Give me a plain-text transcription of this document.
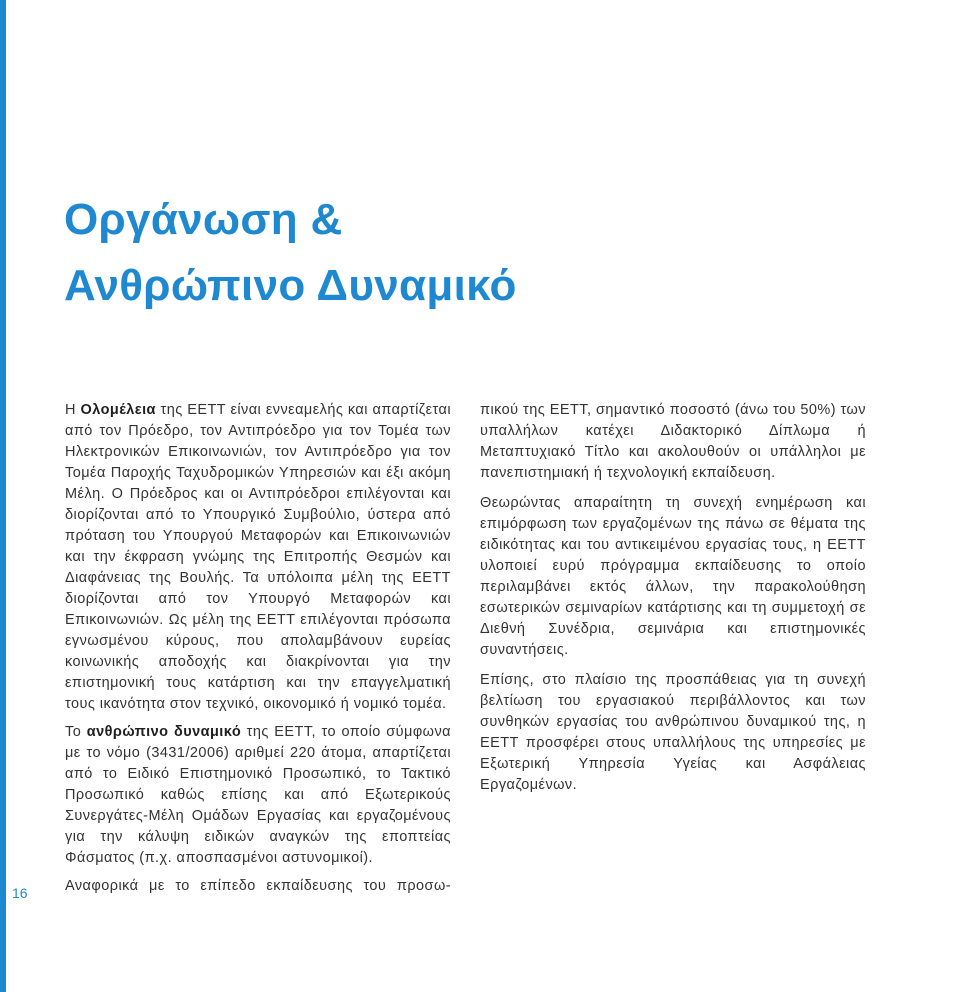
Οργάνωση &
Ανθρώπινο Δυναμικό

Η Ολομέλεια της ΕΕΤΤ είναι εννεαμελής και απαρτίζεται από τον Πρόεδρο, τον Αντιπρόεδρο για τον Τομέα των Ηλεκτρονικών Επικοινωνιών, τον Αντιπρόεδρο για τον Τομέα Παροχής Ταχυδρομικών Υπηρεσιών και έξι ακόμη Μέλη. Ο Πρόεδρος και οι Αντιπρόεδροι επιλέγονται και διορίζονται από το Υπουργικό Συμβούλιο, ύστερα από πρόταση του Υπουργού Μεταφορών και Επικοινωνιών και την έκφραση γνώμης της Επιτροπής Θεσμών και Διαφάνειας της Βουλής. Τα υπόλοιπα μέλη της ΕΕΤΤ διορίζονται από τον Υπουργό Μεταφορών και Επικοινωνιών. Ως μέλη της ΕΕΤΤ επιλέγονται πρόσωπα εγνωσμένου κύρους, που απολαμβάνουν ευρείας κοινωνικής αποδοχής και διακρίνονται για την επιστημονική τους κατάρτιση και την επαγγελματική τους ικανότητα στον τεχνικό, οικονομικό ή νομικό τομέα.

Το ανθρώπινο δυναμικό της ΕΕΤΤ, το οποίο σύμφωνα με το νόμο (3431/2006) αριθμεί 220 άτομα, απαρτίζεται από το Ειδικό Επιστημονικό Προσωπικό, το Τακτικό Προσωπικό καθώς επίσης και από Εξωτερικούς Συνεργάτες-Μέλη Ομάδων Εργασίας και εργαζομένους για την κάλυψη ειδικών αναγκών της εποπτείας Φάσματος (π.χ. αποσπασμένοι αστυνομικοί).

Αναφορικά με το επίπεδο εκπαίδευσης του προσω-

πικού της ΕΕΤΤ, σημαντικό ποσοστό (άνω του 50%) των υπαλλήλων κατέχει Διδακτορικό Δίπλωμα ή Μεταπτυχιακό Τίτλο και ακολουθούν οι υπάλληλοι με πανεπιστημιακή ή τεχνολογική εκπαίδευση.

Θεωρώντας απαραίτητη τη συνεχή ενημέρωση και επιμόρφωση των εργαζομένων της πάνω σε θέματα της ειδικότητας και του αντικειμένου εργασίας τους, η ΕΕΤΤ υλοποιεί ευρύ πρόγραμμα εκπαίδευσης το οποίο περιλαμβάνει εκτός άλλων, την παρακολούθηση εσωτερικών σεμιναρίων κατάρτισης και τη συμμετοχή σε Διεθνή Συνέδρια, σεμινάρια και επιστημονικές συναντήσεις.

Επίσης, στο πλαίσιο της προσπάθειας για τη συνεχή βελτίωση του εργασιακού περιβάλλοντος και των συνθηκών εργασίας του ανθρώπινου δυναμικού της, η ΕΕΤΤ προσφέρει στους υπαλλήλους της υπηρεσίες με Εξωτερική Υπηρεσία Υγείας και Ασφάλειας Εργαζομένων.

16
